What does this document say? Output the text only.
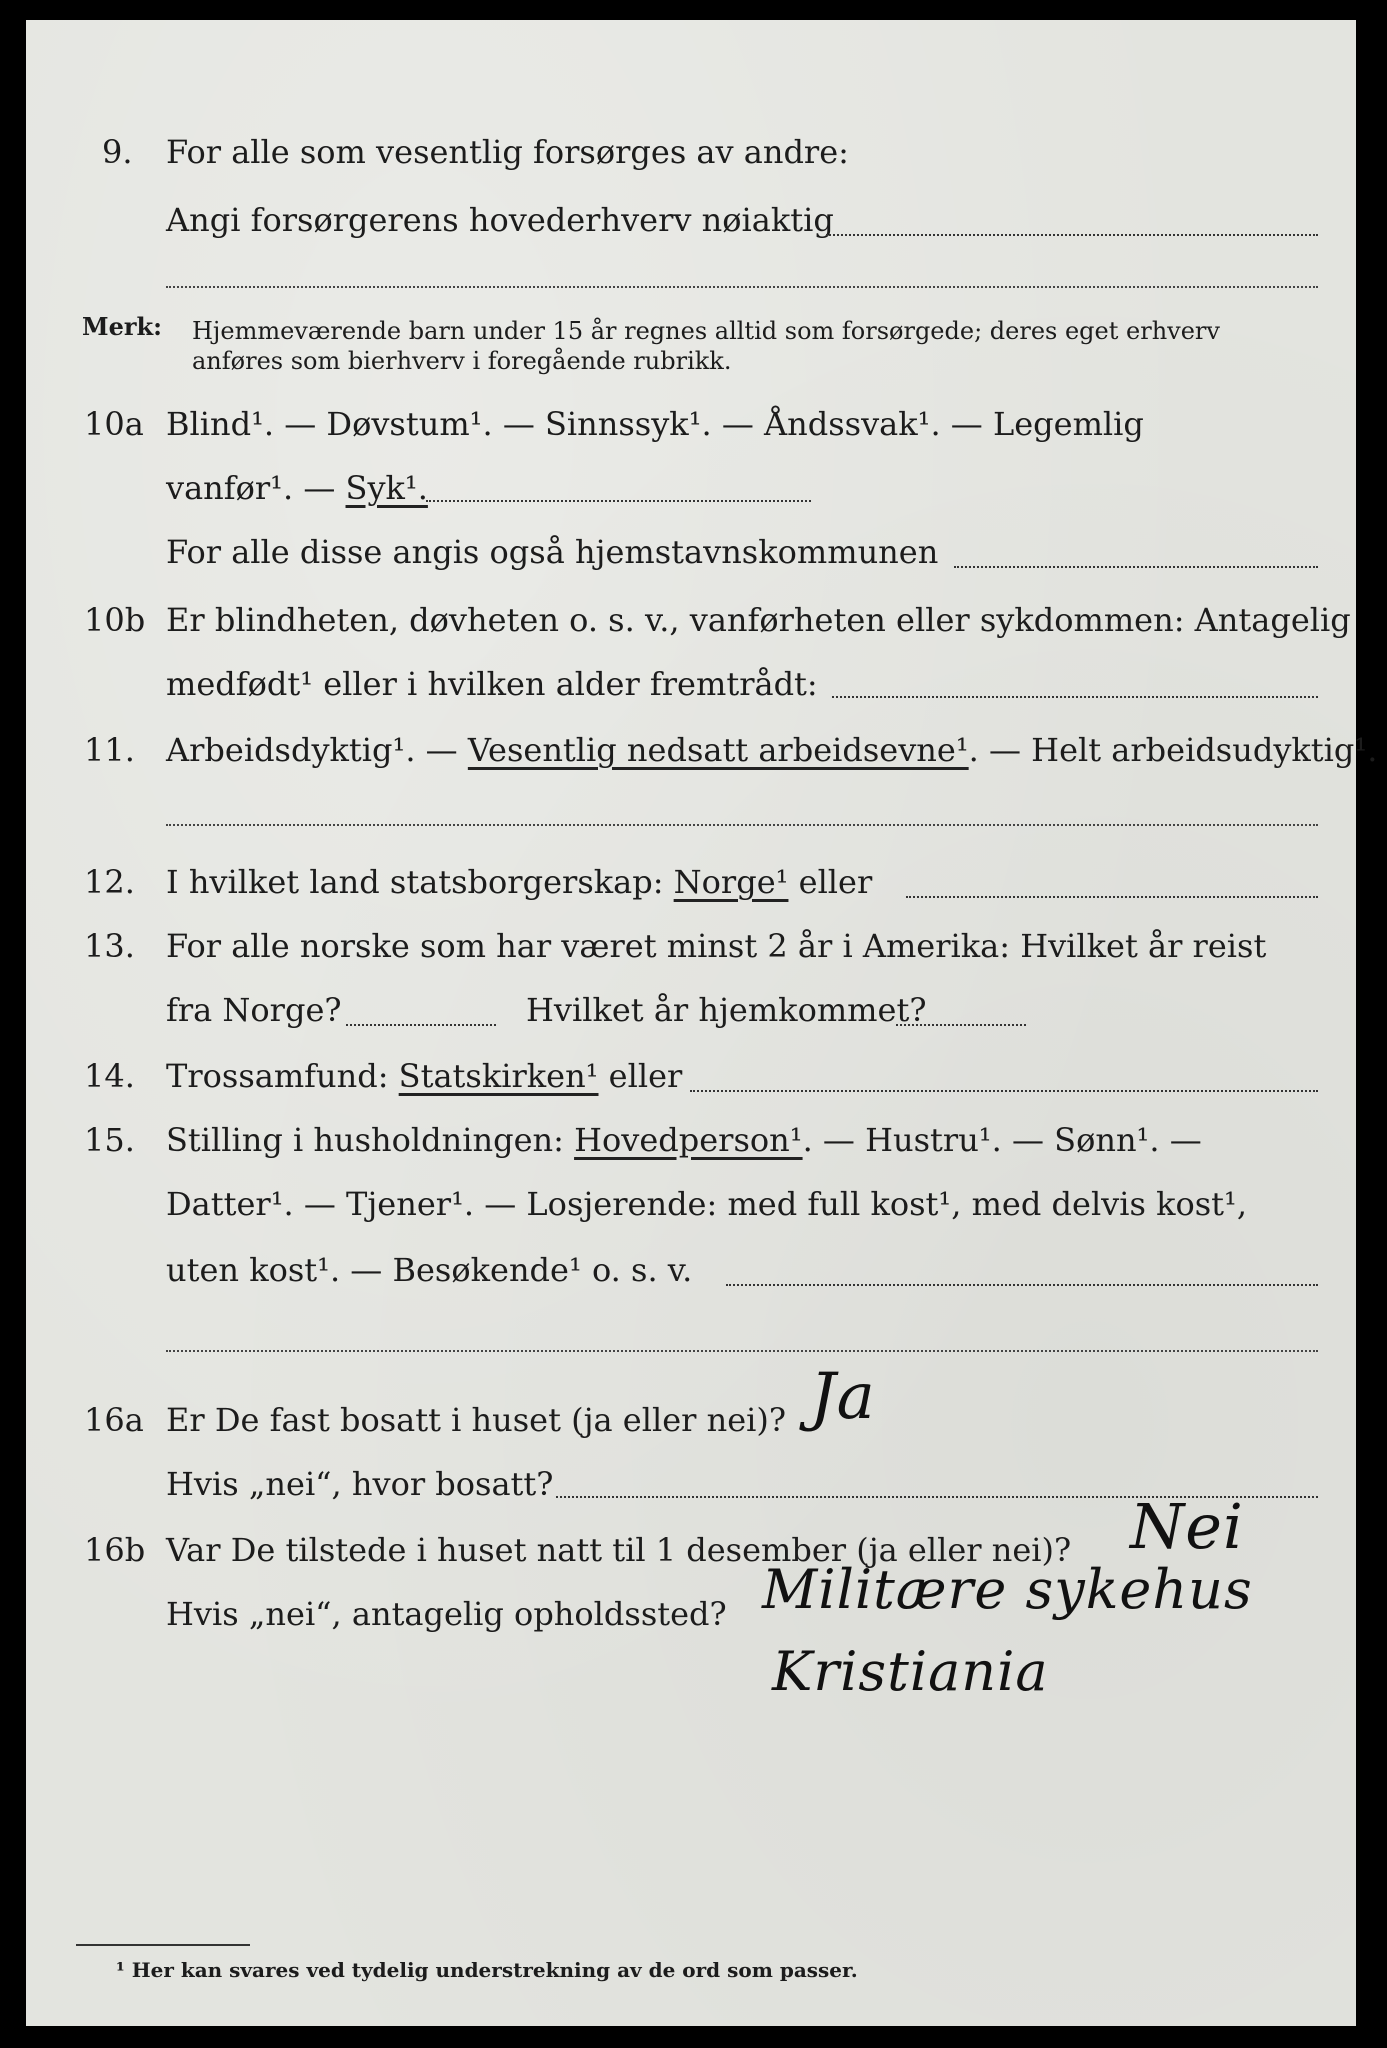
9. For alle som vesentlig forsørges av andre:
Angi forsørgerens hovederhverv nøiaktig
Merk: Hjemmeværende barn under 15 år regnes alltid som forsørgede; deres eget erhverv
anføres som bierhverv i foregående rubrikk.
10a Blind¹. — Døvstum¹. — Sinnssyk¹. — Åndssvak¹. — Legemlig
vanfør¹. — Syk¹.
For alle disse angis også hjemstavnskommunen
10b Er blindheten, døvheten o. s. v., vanførheten eller sykdommen: Antagelig
medfødt¹ eller i hvilken alder fremtrådt:
11. Arbeidsdyktig¹. — Vesentlig nedsatt arbeidsevne¹. — Helt arbeidsudyktig¹.
12. I hvilket land statsborgerskap: Norge¹ eller
13. For alle norske som har været minst 2 år i Amerika: Hvilket år reist
fra Norge?	Hvilket år hjemkommet?
14. Trossamfund: Statskirken¹ eller
15. Stilling i husholdningen: Hovedperson¹. — Hustru¹. — Sønn¹. —
Datter¹. — Tjener¹. — Losjerende: med full kost¹, med delvis kost¹,
uten kost¹. — Besøkende¹ o. s. v.
16a Er De fast bosatt i huset (ja eller nei)? Ja
Hvis „nei“, hvor bosatt?
16b Var De tilstede i huset natt til 1 desember (ja eller nei)? Nei
Hvis „nei“, antagelig opholdssted? Militære sykehus
Kristiania
¹ Her kan svares ved tydelig understrekning av de ord som passer.
